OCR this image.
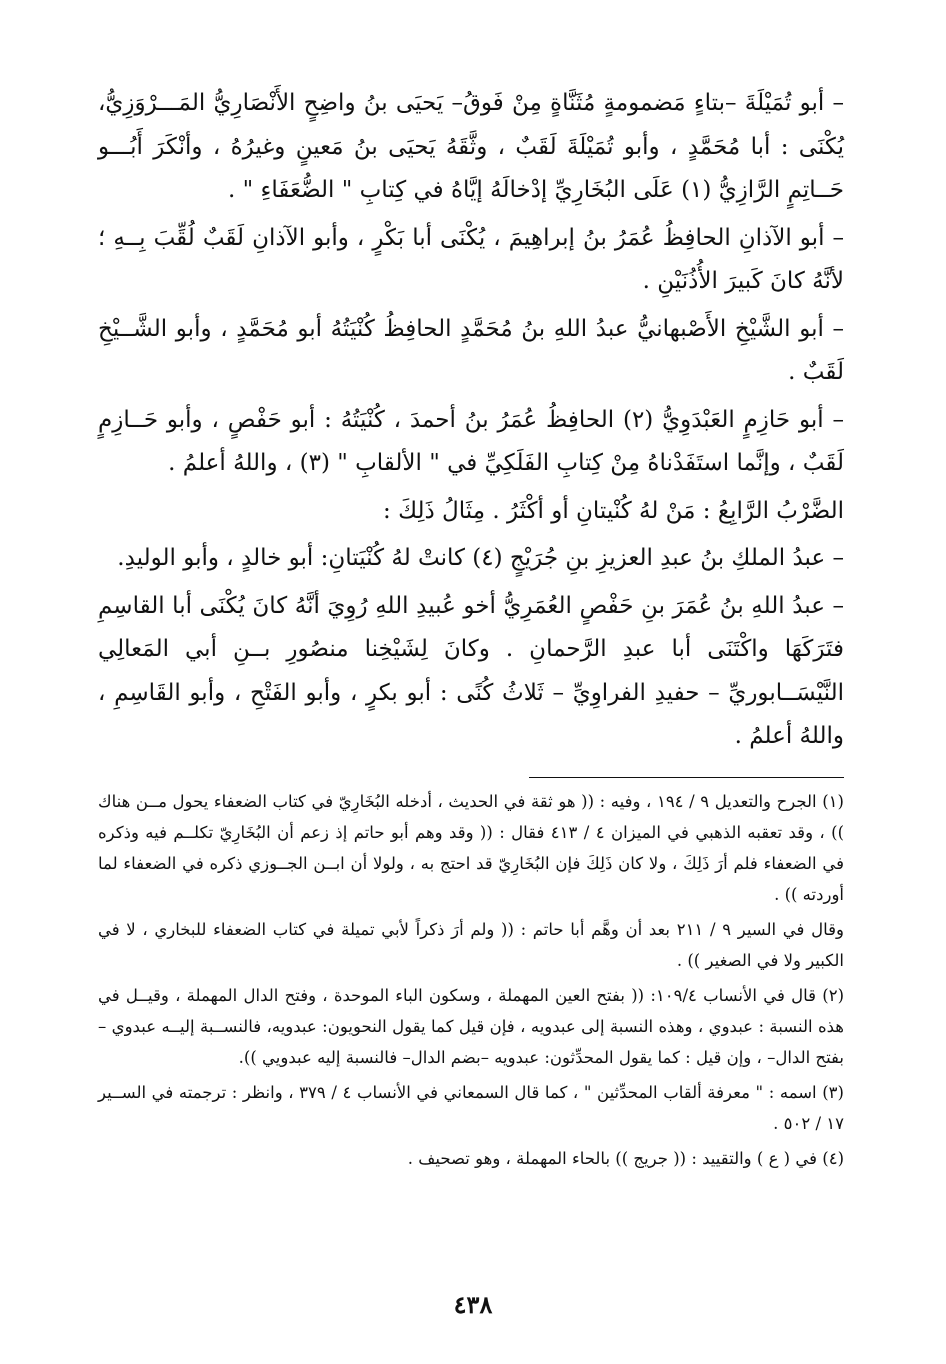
– أبو تُمَيْلَةَ –بتاءٍ مَضمومةٍ مُثَنَّاةٍ مِنْ فَوقُ– يَحيَى بنُ واضِحٍ الأَنْصَارِيُّ المَـــرْوَزِيُّ، يُكْنَى : أبا مُحَمَّدٍ ، وأبو تُمَيْلَةَ لَقَبٌ ، وثَّقَهُ يَحيَى بنُ مَعينٍ وغيرُهُ ، وأنْكَرَ أَبُـــو حَــاتِمٍ الرَّازِيُّ (١) عَلَى البُخَارِيِّ إدْخالَهُ إيَّاهُ في كِتابِ " الضُّعَفَاءِ " .

– أبو الآذانِ الحافِظُ عُمَرُ بنُ إبراهِيمَ ، يُكْنَى أبا بَكْرٍ ، وأبو الآذانِ لَقَبٌ لُقِّبَ بِــهِ ؛ لأنَّهُ كانَ كَبيرَ الأُذُنَيْنِ .

– أبو الشَّيْخِ الأَصْبهانيُّ عبدُ اللهِ بنُ مُحَمَّدٍ الحافِظُ كُنْيَتُهُ أبو مُحَمَّدٍ ، وأبو الشَّــيْخِ لَقَبٌ .

– أبو حَازِمٍ العَبْدَوِيُّ (٢) الحافِظُ عُمَرُ بنُ أحمدَ ، كُنْيَتُهُ : أبو حَفْصٍ ، وأبو حَــازِمٍ لَقَبٌ ، وإنَّما استَفَدْناهُ مِنْ كِتابِ الفَلَكِيِّ في " الألقابِ " (٣) ، واللهُ أعلمُ .

الضَّرْبُ الرَّابِعُ : مَنْ لهُ كُنْيتانِ أو أكْثَرُ . مِثَالُ ذَلِكَ :

– عبدُ الملكِ بنُ عبدِ العزيزِ بنِ جُرَيْجٍ (٤) كانتْ لهُ كُنْيَتانِ: أبو خالدٍ ، وأبو الوليدِ.

– عبدُ اللهِ بنُ عُمَرَ بنِ حَفْصٍ العُمَرِيُّ أخو عُبيدِ اللهِ رُوِيَ أنَّهُ كانَ يُكْنَى أبا القاسِمِ فتَرَكَهَا واكْتَنَى أبا عبدِ الرَّحمانِ . وكانَ لِشَيْخِنا منصُورِ بــنِ أبي المَعالِي النَّيْسَــابوريِّ – حفيدِ الفراوِيِّ – ثَلاثُ كُنًى : أبو بكرٍ ، وأبو الفَتْحِ ، وأبو القَاسِمِ ، واللهُ أعلمُ .

(١) الجرح والتعديل ٩ / ١٩٤ ، وفيه : (( هو ثقة في الحديث ، أدخله البُخَارِيّ في كتاب الضعفاء يحول مــن هناك )) ، وقد تعقبه الذهبي في الميزان ٤ / ٤١٣ فقال : (( وقد وهم أبو حاتم إذ زعم أن البُخَارِيّ تكلــم فيه وذكره في الضعفاء فلم أرَ ذَلِكَ ، ولا كان ذَلِكَ فإن البُخَارِيّ قد احتج به ، ولولا أن ابــن الجــوزي ذكره في الضعفاء لما أوردته )) .

وقال في السير ٩ / ٢١١ بعد أن وهَّم أبا حاتم : (( ولم أرَ ذكراً لأبي تميلة في كتاب الضعفاء للبخاري ، لا في الكبير ولا في الصغير )) .

(٢) قال في الأنساب ١٠٩/٤: (( بفتح العين المهملة ، وسكون الباء الموحدة ، وفتح الدال المهملة ، وقيــل في هذه النسبة : عبدوي ، وهذه النسبة إلى عبدويه ، فإن قيل كما يقول النحويون: عبدويه، فالنســبة إليــه عبدوي –بفتح الدال– ، وإن قيل : كما يقول المحدِّثون: عبدويه –بضم الدال– فالنسبة إليه عبدويي )).

(٣) اسمه : " معرفة ألقاب المحدِّثين " ، كما قال السمعاني في الأنساب ٤ / ٣٧٩ ، وانظر : ترجمته في الســير ١٧ / ٥٠٢ .

(٤) في ( ع ) والتقييد : (( جريج )) بالحاء المهملة ، وهو تصحيف .

٤٣٨
